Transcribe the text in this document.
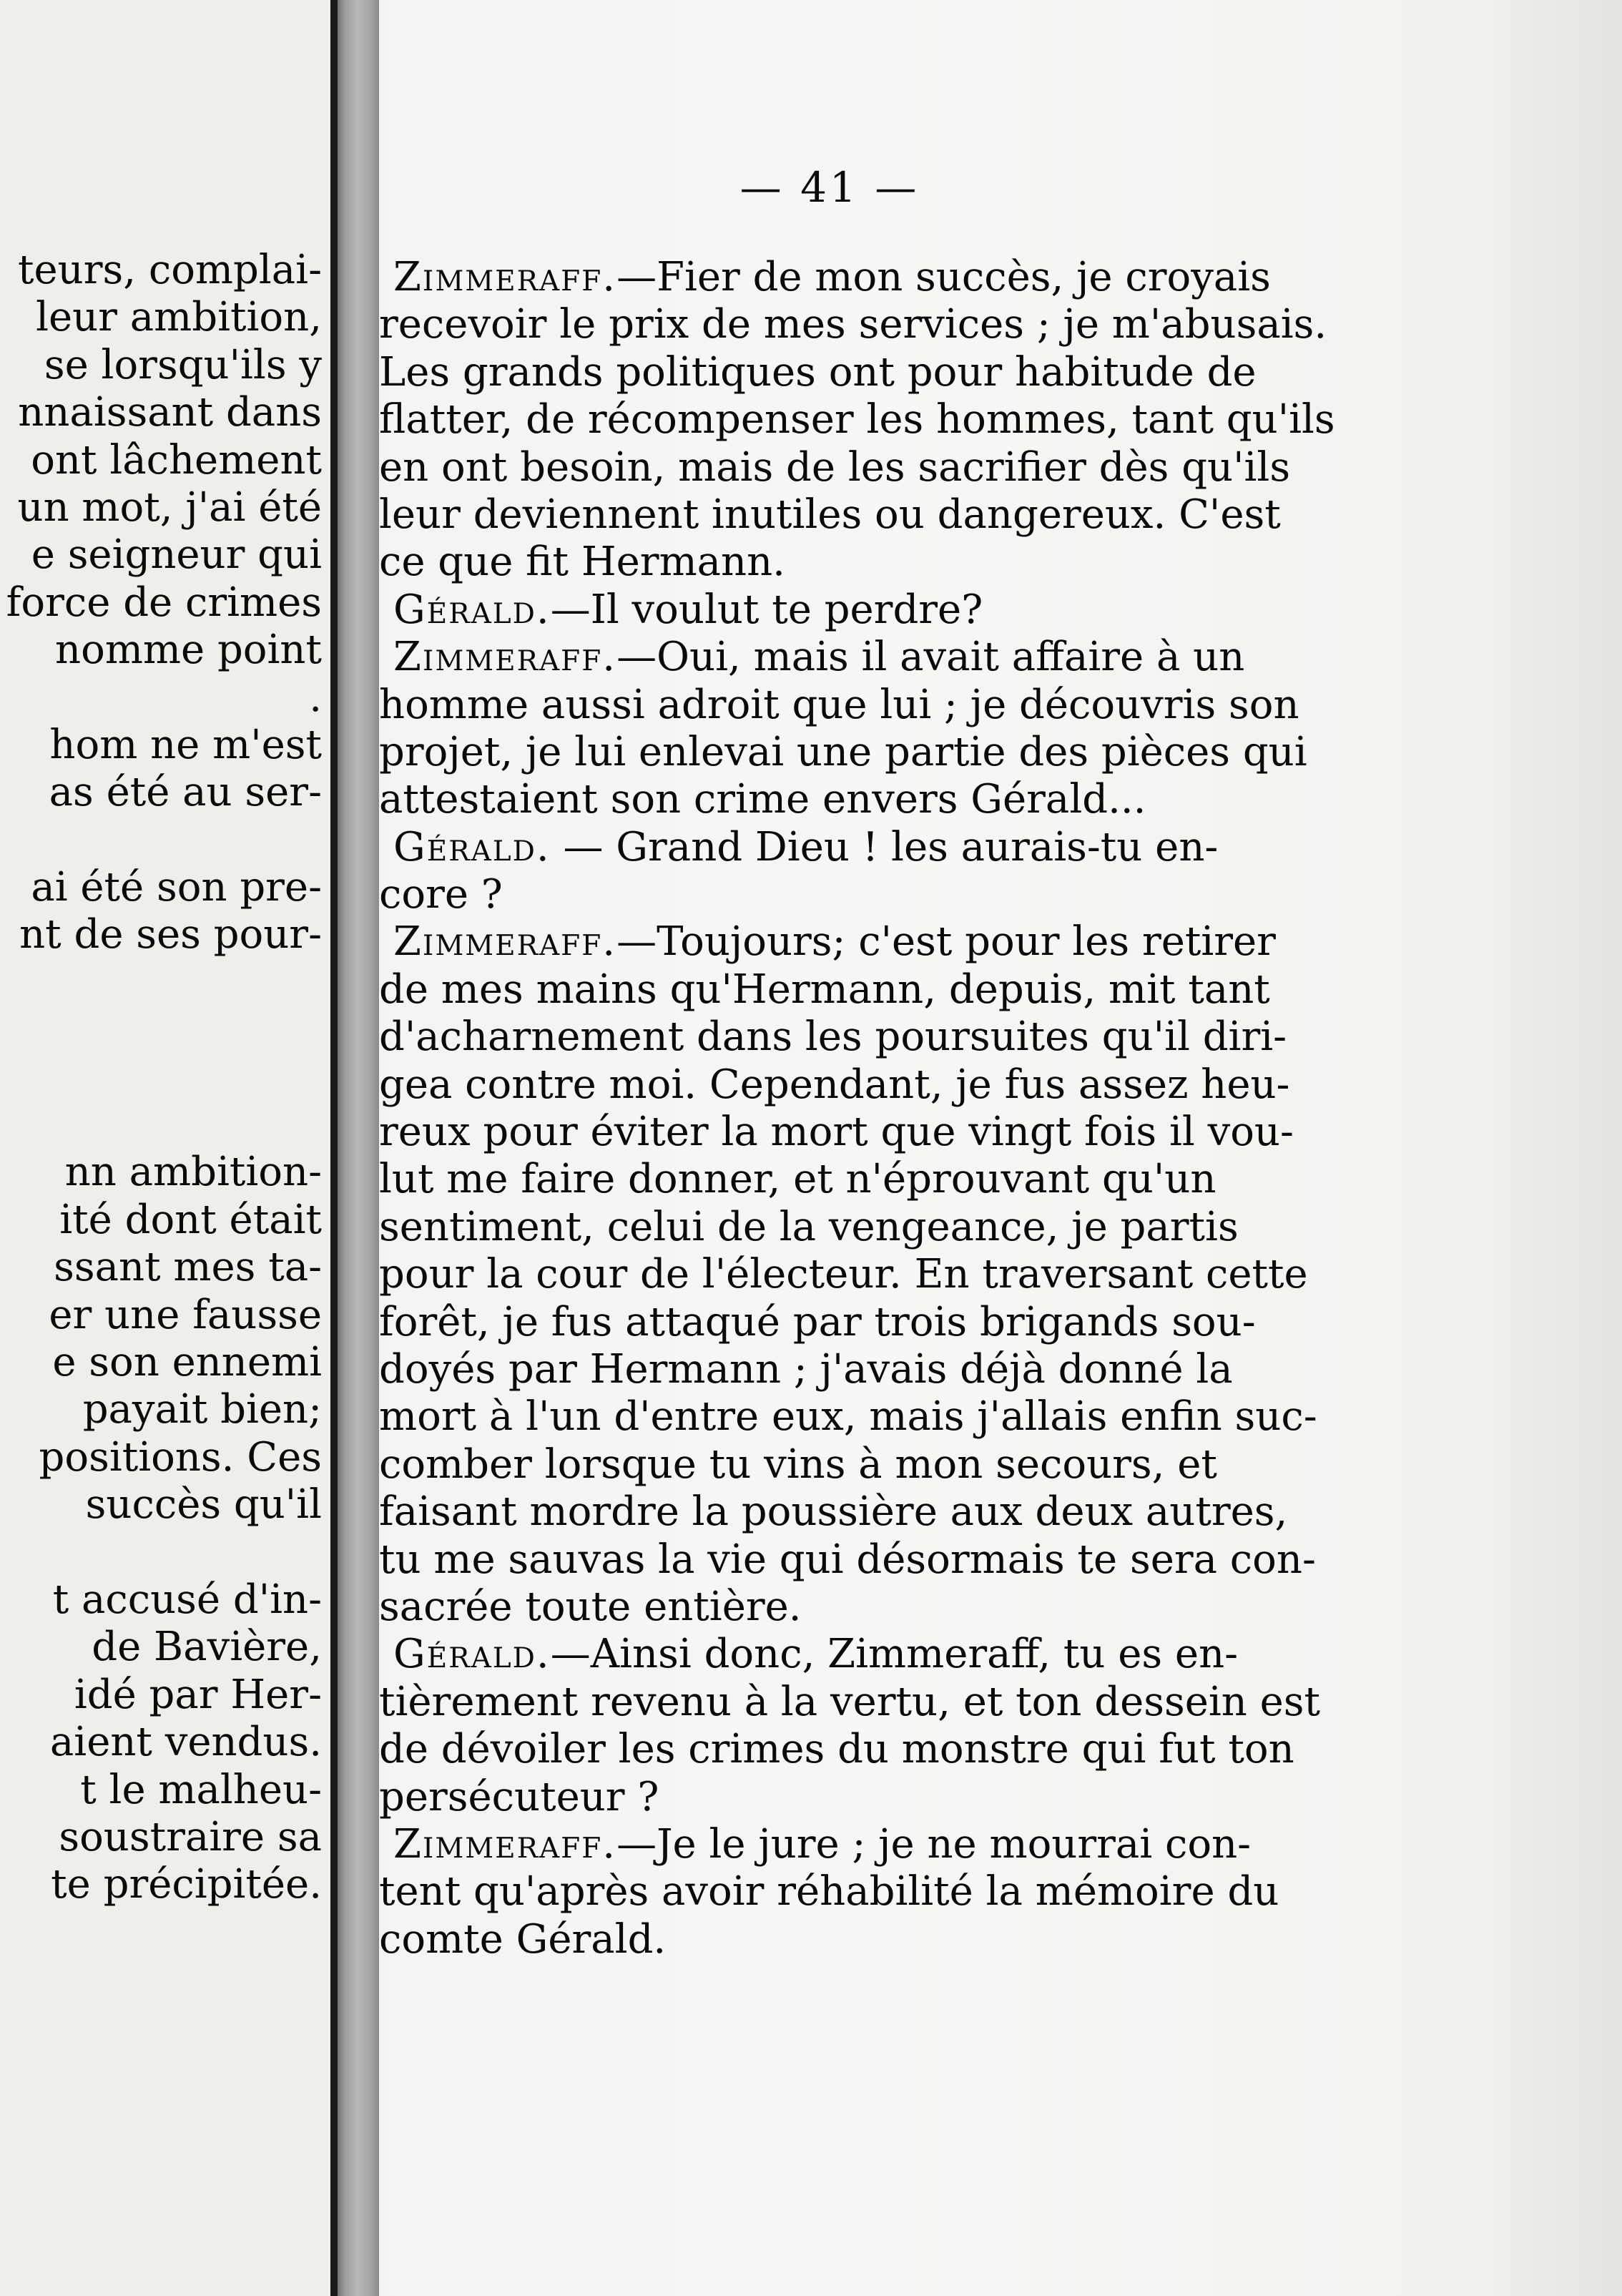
teurs, complai-
leur ambition,
se lorsqu'ils y
nnaissant dans
ont lâchement
un mot, j'ai été
e seigneur qui
force de crimes
nomme point
.
hom ne m'est
as été au ser-

ai été son pre-
nt de ses pour-

nn ambition-
ité dont était
ssant mes ta-
er une fausse
e son ennemi
payait bien;
positions. Ces
succès qu'il

t accusé d'in-
de Bavière,
idé par Her-
aient vendus.
t le malheu-
soustraire sa
te précipitée.
— 41 —
Zimmeraff.—Fier de mon succès, je croyais
recevoir le prix de mes services ; je m'abusais.
Les grands politiques ont pour habitude de
flatter, de récompenser les hommes, tant qu'ils
en ont besoin, mais de les sacrifier dès qu'ils
leur deviennent inutiles ou dangereux. C'est
ce que fit Hermann.
Gérald.—Il voulut te perdre?
Zimmeraff.—Oui, mais il avait affaire à un
homme aussi adroit que lui ; je découvris son
projet, je lui enlevai une partie des pièces qui
attestaient son crime envers Gérald...
Gérald. — Grand Dieu ! les aurais-tu en-
core ?
Zimmeraff.—Toujours; c'est pour les retirer
de mes mains qu'Hermann, depuis, mit tant
d'acharnement dans les poursuites qu'il diri-
gea contre moi. Cependant, je fus assez heu-
reux pour éviter la mort que vingt fois il vou-
lut me faire donner, et n'éprouvant qu'un
sentiment, celui de la vengeance, je partis
pour la cour de l'électeur. En traversant cette
forêt, je fus attaqué par trois brigands sou-
doyés par Hermann ; j'avais déjà donné la
mort à l'un d'entre eux, mais j'allais enfin suc-
comber lorsque tu vins à mon secours, et
faisant mordre la poussière aux deux autres,
tu me sauvas la vie qui désormais te sera con-
sacrée toute entière.
Gérald.—Ainsi donc, Zimmeraff, tu es en-
tièrement revenu à la vertu, et ton dessein est
de dévoiler les crimes du monstre qui fut ton
persécuteur ?
Zimmeraff.—Je le jure ; je ne mourrai con-
tent qu'après avoir réhabilité la mémoire du
comte Gérald.
